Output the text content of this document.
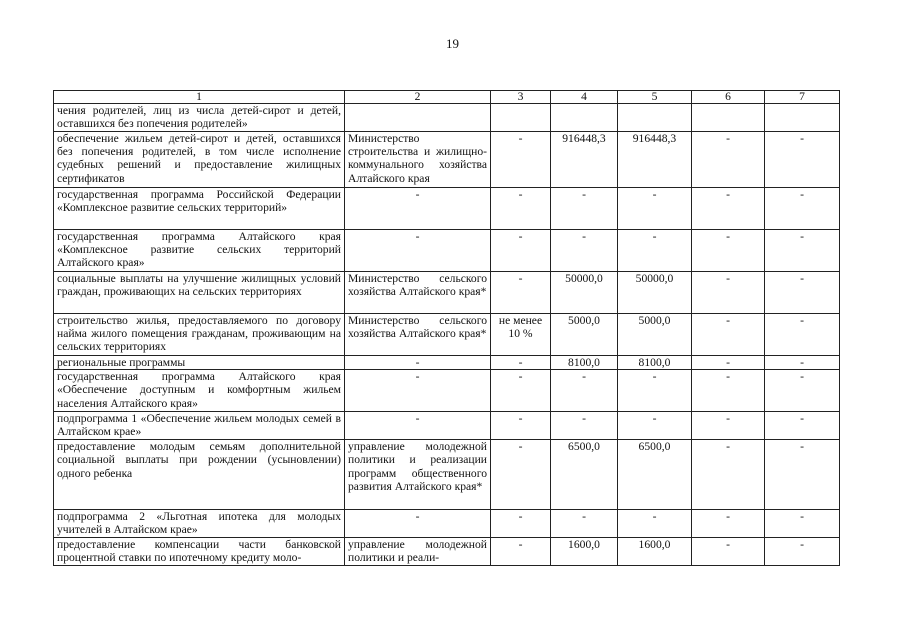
19
1	2	3	4	5	6	7
чения родителей, лиц из числа детей-сирот и детей, оставшихся без попечения родителей»						
обеспечение жильем детей-сирот и детей, оставшихся без попечения родителей, в том числе исполнение судебных решений и предоставление жилищных сертификатов	Министерство строительства и жилищно-коммунального хозяйства Алтайского края	-	916448,3	916448,3	-	-
государственная программа Российской Федерации «Комплексное развитие сельских территорий»	-	-	-	-	-	-
государственная программа Алтайского края «Комплексное развитие сельских территорий Алтайского края»	-	-	-	-	-	-
социальные выплаты на улучшение жилищных условий граждан, проживающих на сельских территориях	Министерство сельского хозяйства Алтайского края*	-	50000,0	50000,0	-	-
строительство жилья, предоставляемого по договору найма жилого помещения гражданам, проживающим на сельских территориях	Министерство сельского хозяйства Алтайского края*	не менее 10 %	5000,0	5000,0	-	-
региональные программы	-	-	8100,0	8100,0	-	-
государственная программа Алтайского края «Обеспечение доступным и комфортным жильем населения Алтайского края»	-	-	-	-	-	-
подпрограмма 1 «Обеспечение жильем молодых семей в Алтайском крае»	-	-	-	-	-	-
предоставление молодым семьям дополнительной социальной выплаты при рождении (усыновлении) одного ребенка	управление молодежной политики и реализации программ общественного развития Алтайского края*	-	6500,0	6500,0	-	-
подпрограмма 2 «Льготная ипотека для молодых учителей в Алтайском крае»	-	-	-	-	-	-
предоставление компенсации части банковской процентной ставки по ипотечному кредиту моло-	управление молодежной политики и реали-	-	1600,0	1600,0	-	-
